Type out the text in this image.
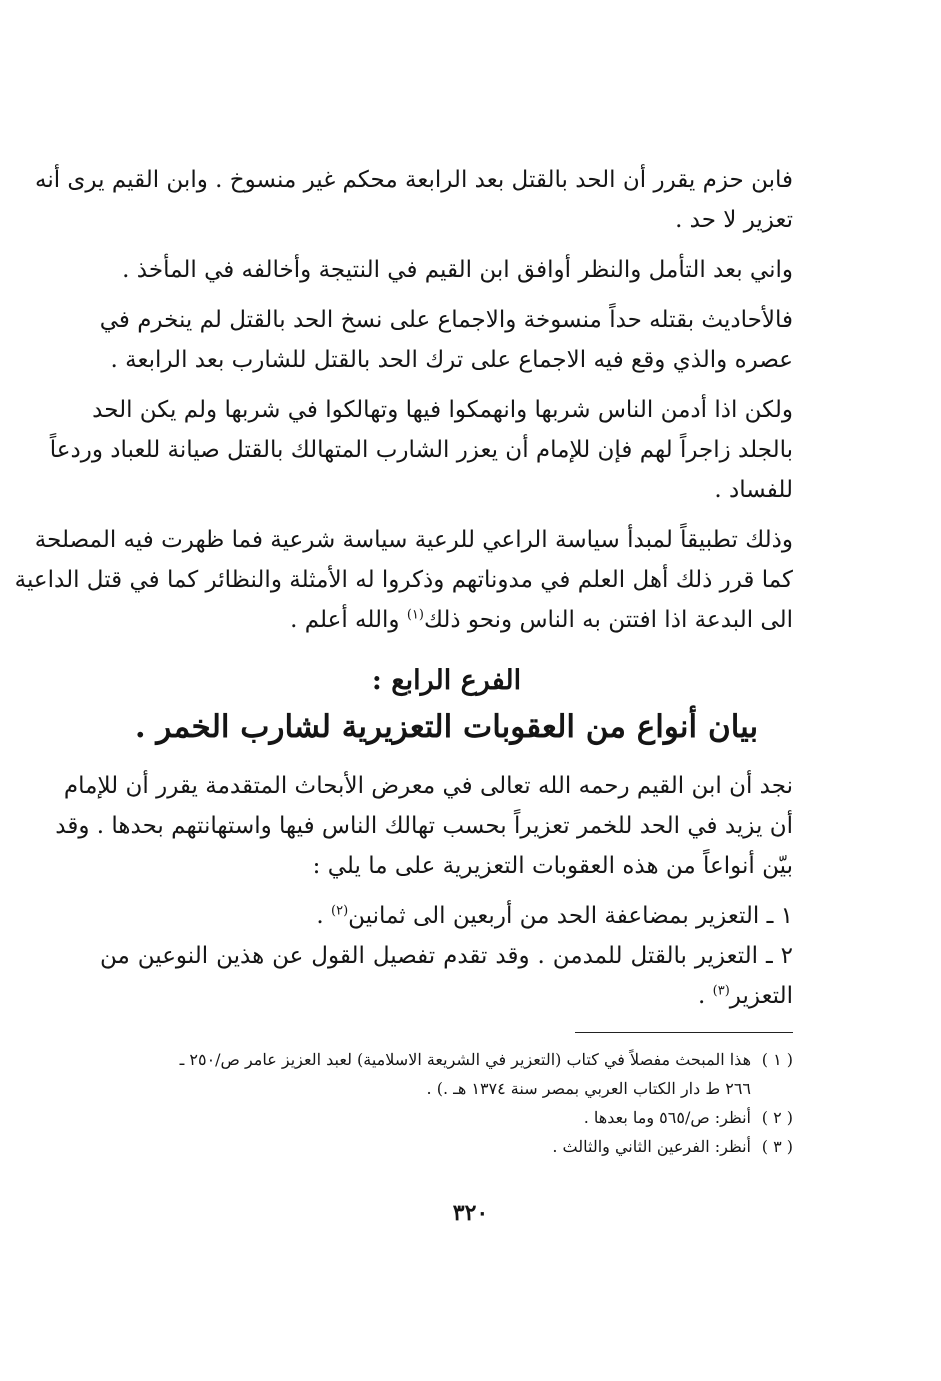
فابن حزم يقرر أن الحد بالقتل بعد الرابعة محكم غير منسوخ . وابن القيم يرى أنه
تعزير لا حد .

واني بعد التأمل والنظر أوافق ابن القيم في النتيجة وأخالفه في المأخذ .

فالأحاديث بقتله حداً منسوخة والاجماع على نسخ الحد بالقتل لم ينخرم في
عصره والذي وقع فيه الاجماع على ترك الحد بالقتل للشارب بعد الرابعة .

ولكن اذا أدمن الناس شربها وانهمكوا فيها وتهالكوا في شربها ولم يكن الحد
بالجلد زاجراً لهم فإن للإمام أن يعزر الشارب المتهالك بالقتل صيانة للعباد وردعاً
للفساد .

وذلك تطبيقاً لمبدأ سياسة الراعي للرعية سياسة شرعية فما ظهرت فيه المصلحة
كما قرر ذلك أهل العلم في مدوناتهم وذكروا له الأمثلة والنظائر كما في قتل الداعية
الى البدعة اذا افتتن به الناس ونحو ذلك$^{(١)}$ والله أعلم .

الفرع الرابع :
بيان أنواع من العقوبات التعزيرية لشارب الخمر .

نجد أن ابن القيم رحمه الله تعالى في معرض الأبحاث المتقدمة يقرر أن للإمام
أن يزيد في الحد للخمر تعزيراً بحسب تهالك الناس فيها واستهانتهم بحدها . وقد
بيّن أنواعاً من هذه العقوبات التعزيرية على ما يلي :

١ ـ التعزير بمضاعفة الحد من أربعين الى ثمانين$^{(٢)}$ .

٢ ـ التعزير بالقتل للمدمن . وقد تقدم تفصيل القول عن هذين النوعين من
التعزير$^{(٣)}$ .

( ١ )هذا المبحث مفصلاً في كتاب (التعزير في الشريعة الاسلامية) لعبد العزيز عامر ص/٢٥٠ ـ
٢٦٦ ط دار الكتاب العربي بمصر سنة ١٣٧٤ هـ .) .
( ٢ )أنظر: ص/٥٦٥ وما بعدها .
( ٣ )أنظر: الفرعين الثاني والثالث .
٣٢٠
